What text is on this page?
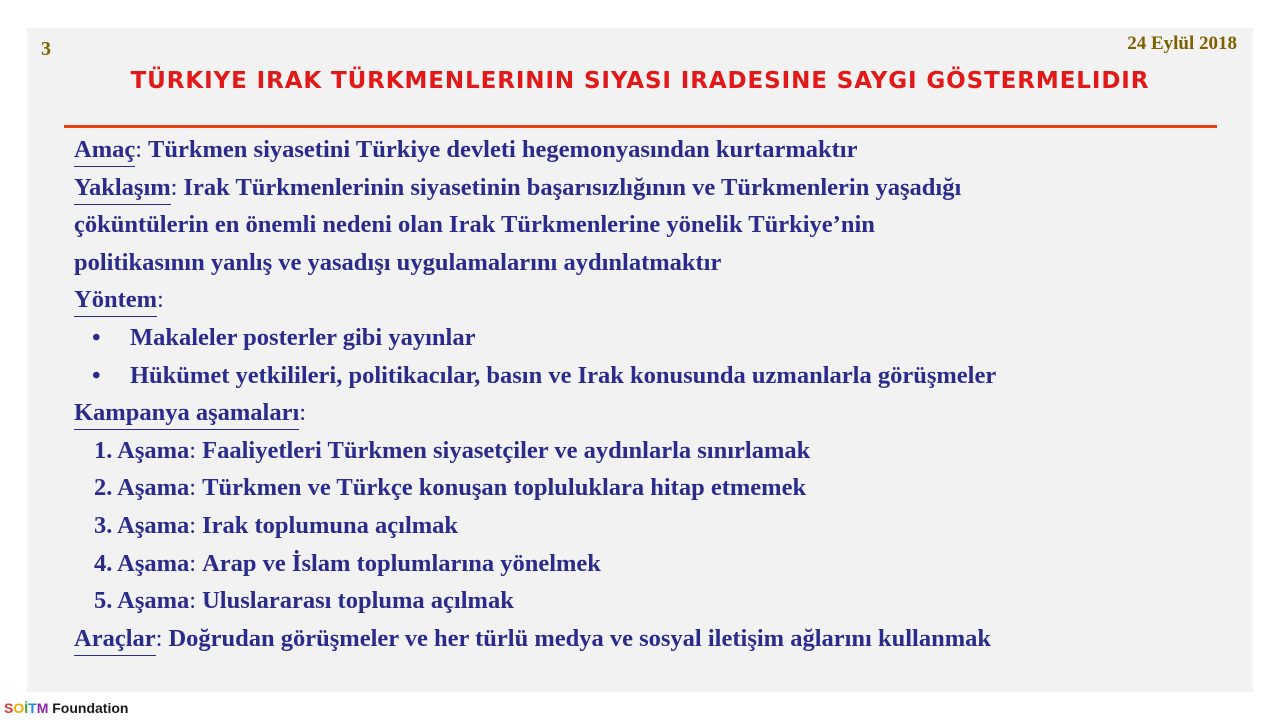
3	24 Eylül 2018
TÜRKIYE IRAK TÜRKMENLERININ SIYASI IRADESINE SAYGI GÖSTERMELIDIR
Amaç: Türkmen siyasetini Türkiye devleti hegemonyasından kurtarmaktır
Yaklaşım: Irak Türkmenlerinin siyasetinin başarısızlığının ve Türkmenlerin yaşadığı
çöküntülerin en önemli nedeni olan Irak Türkmenlerine yönelik Türkiye’nin
politikasının yanlış ve yasadışı uygulamalarını aydınlatmaktır
Yöntem:
• Makaleler posterler gibi yayınlar
• Hükümet yetkilileri, politikacılar, basın ve Irak konusunda uzmanlarla görüşmeler
Kampanya aşamaları:
1. Aşama: Faaliyetleri Türkmen siyasetçiler ve aydınlarla sınırlamak
2. Aşama: Türkmen ve Türkçe konuşan topluluklara hitap etmemek
3. Aşama: Irak toplumuna açılmak
4. Aşama: Arap ve İslam toplumlarına yönelmek
5. Aşama: Uluslararası topluma açılmak
Araçlar: Doğrudan görüşmeler ve her türlü medya ve sosyal iletişim ağlarını kullanmak
SOİTM Foundation
